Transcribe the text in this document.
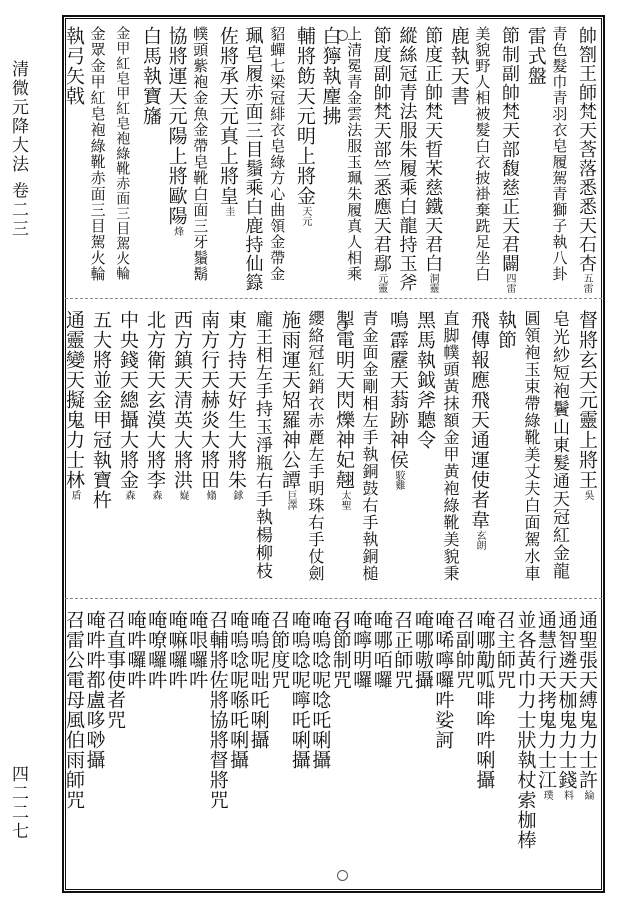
清微元降大法 卷二三
四二二七
帥劄王師梵天莟落悉悉天石杏五雷
青色髮巾青羽衣皂履駕青獅子執八卦
雷式盤
節制副帥梵天部馥慈正天君闢四雷
美貌野人相被髮白衣披褂棄跣足坐白
鹿執天書
節度正帥梵天晢㭉慈鐵天君白洞靈
縱絲冠青法服朱履乘白龍持玉斧
節度副帥梵天部竺悉應天君鄢元靈
上清冕青金雲法服玉珮朱履真人相乘
白獰執麈拂
輔將飭天元明上將金天元
貂蟬七梁冠緋衣皂綠方心曲領金帶金
珮皂履赤面三目鬚乘白鹿持仙籙
佐將承天元真上將皇圭
幞頭紫袍金魚金帶皂靴白面三牙鬚鬍
協將運天元陽上將歐陽烽
白馬執寶旛
金甲紅皂甲紅皂袍綠靴赤面三目駕火輪
金眾金甲紅皂袍綠靴赤面三目駕火輪
執弓矢戟
督將玄天元靈上將王吳
皂光紗短袍鬢山東髮通天冠紅金龍
圓領袍玉束帶綠靴美丈夫白面駕水車
執節
飛傳報應飛天通運使者韋玄朗
直脚幞頭黃抹額金甲黃袍綠靴美貌秉
黑馬執鉞斧聽令
鳴霹靂天蓊跡神侯駮雞
青金面金剛相左手執銅鼓右手執銅槌
掣電明天閃爍神妃翹太聖
纓絡冠紅銷衣赤䴡左手明珠右手仗劍
施雨運天䂏羅神公譚巨澤
龐王相左手持玉淨瓶右手執楊柳枝
東方持天好生大將朱銶
南方行天赫炎大將田翛
西方鎮天清英大將洪嶷
北方衛天玄漠大將李森
中央錢天總攝大將金森
五大將並金甲冠執寶杵
通靈變天擬鬼力士林盾
通聖張天縛鬼力士許綸
通智遴天枷鬼力士錢料
通慧行天拷鬼力士江璞
並各黃巾力士狀執杖索枷棒
召主師咒
唵哪勱呱啡哞吽唎攝
召副帥咒
唵唏嚀囉吽娑訶
唵哪嗷攝
召正師咒
唵哪咟囉
唵嚀明囉
召節制咒
唵嗚唸呢唸吒唎攝
唵嗚唸呢嚀吒唎攝
召節度咒
唵嗚呢咄吒唎攝
唵嗚唸呢喺吒唎攝
召輔將佐將協將督將咒
唵哏囉吽
唵嘛囉吽
唵嘹囉吽
唵吽囉吽
召直事使者咒
唵吽吽都盧哆唦攝
召雷公電母風伯雨師咒
